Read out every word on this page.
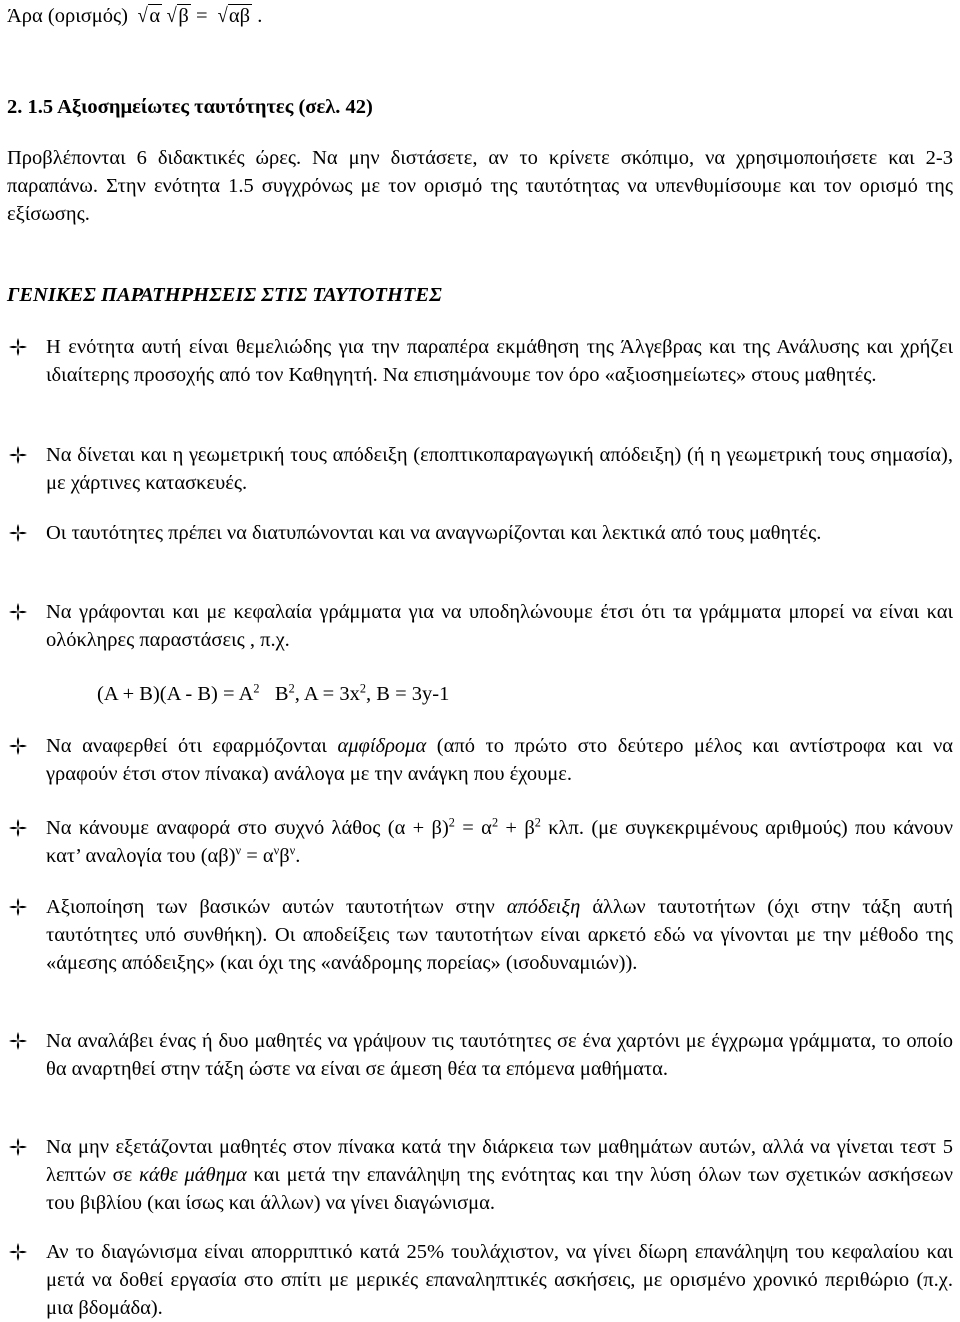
Άρα (ορισμός) √α √β = √αβ .
2. 1.5 Αξιοσημείωτες ταυτότητες (σελ. 42)
Προβλέπονται 6 διδακτικές ώρες. Να μην διστάσετε, αν το κρίνετε σκόπιμο, να χρησιμοποιήσετε και 2-3 παραπάνω. Στην ενότητα 1.5 συγχρόνως με τον ορισμό της ταυτότητας να υπενθυμίσουμε και τον ορισμό της εξίσωσης.
ΓΕΝΙΚΕΣ ΠΑΡΑΤΗΡΗΣΕΙΣ ΣΤΙΣ ΤΑΥΤΟΤΗΤΕΣ
Η ενότητα αυτή είναι θεμελιώδης για την παραπέρα εκμάθηση της Άλγεβρας και της Ανάλυσης και χρήζει ιδιαίτερης προσοχής από τον Καθηγητή. Να επισημάνουμε τον όρο «αξιοσημείωτες» στους μαθητές.
Να δίνεται και η γεωμετρική τους απόδειξη (εποπτικοπαραγωγική απόδειξη) (ή η γεωμετρική τους σημασία), με χάρτινες κατασκευές.
Οι ταυτότητες πρέπει να διατυπώνονται και να αναγνωρίζονται και λεκτικά από τους μαθητές.
Να γράφονται και με κεφαλαία γράμματα για να υποδηλώνουμε έτσι ότι τα γράμματα μπορεί να είναι και ολόκληρες παραστάσεις , π.χ.
$(A + B)(A - B) = A^2$ $B^2$, $A = 3x^2$, Β = 3y-1
Να αναφερθεί ότι εφαρμόζονται αμφίδρομα (από το πρώτο στο δεύτερο μέλος και αντίστροφα και να γραφούν έτσι στον πίνακα) ανάλογα με την ανάγκη που έχουμε.
Να κάνουμε αναφορά στο συχνό λάθος $(\alpha + \beta)^2 = \alpha^2 + \beta^2$ κλπ. (με συγκεκριμένους αριθμούς) που κάνουν κατ’ αναλογία του $(\alpha\beta)^\nu = \alpha^\nu\beta^\nu$.
Αξιοποίηση των βασικών αυτών ταυτοτήτων στην απόδειξη άλλων ταυτοτήτων (όχι στην τάξη αυτή ταυτότητες υπό συνθήκη). Οι αποδείξεις των ταυτοτήτων είναι αρκετό εδώ να γίνονται με την μέθοδο της «άμεσης απόδειξης» (και όχι της «ανάδρομης πορείας» (ισοδυναμιών)).
Να αναλάβει ένας ή δυο μαθητές να γράψουν τις ταυτότητες σε ένα χαρτόνι με έγχρωμα γράμματα, το οποίο θα αναρτηθεί στην τάξη ώστε να είναι σε άμεση θέα τα επόμενα μαθήματα.
Να μην εξετάζονται μαθητές στον πίνακα κατά την διάρκεια των μαθημάτων αυτών, αλλά να γίνεται τεστ 5 λεπτών σε κάθε μάθημα και μετά την επανάληψη της ενότητας και την λύση όλων των σχετικών ασκήσεων του βιβλίου (και ίσως και άλλων) να γίνει διαγώνισμα.
Αν το διαγώνισμα είναι απορριπτικό κατά 25% τουλάχιστον, να γίνει δίωρη επανάληψη του κεφαλαίου και μετά να δοθεί εργασία στο σπίτι με μερικές επαναληπτικές ασκήσεις, με ορισμένο χρονικό περιθώριο (π.χ. μια βδομάδα).
